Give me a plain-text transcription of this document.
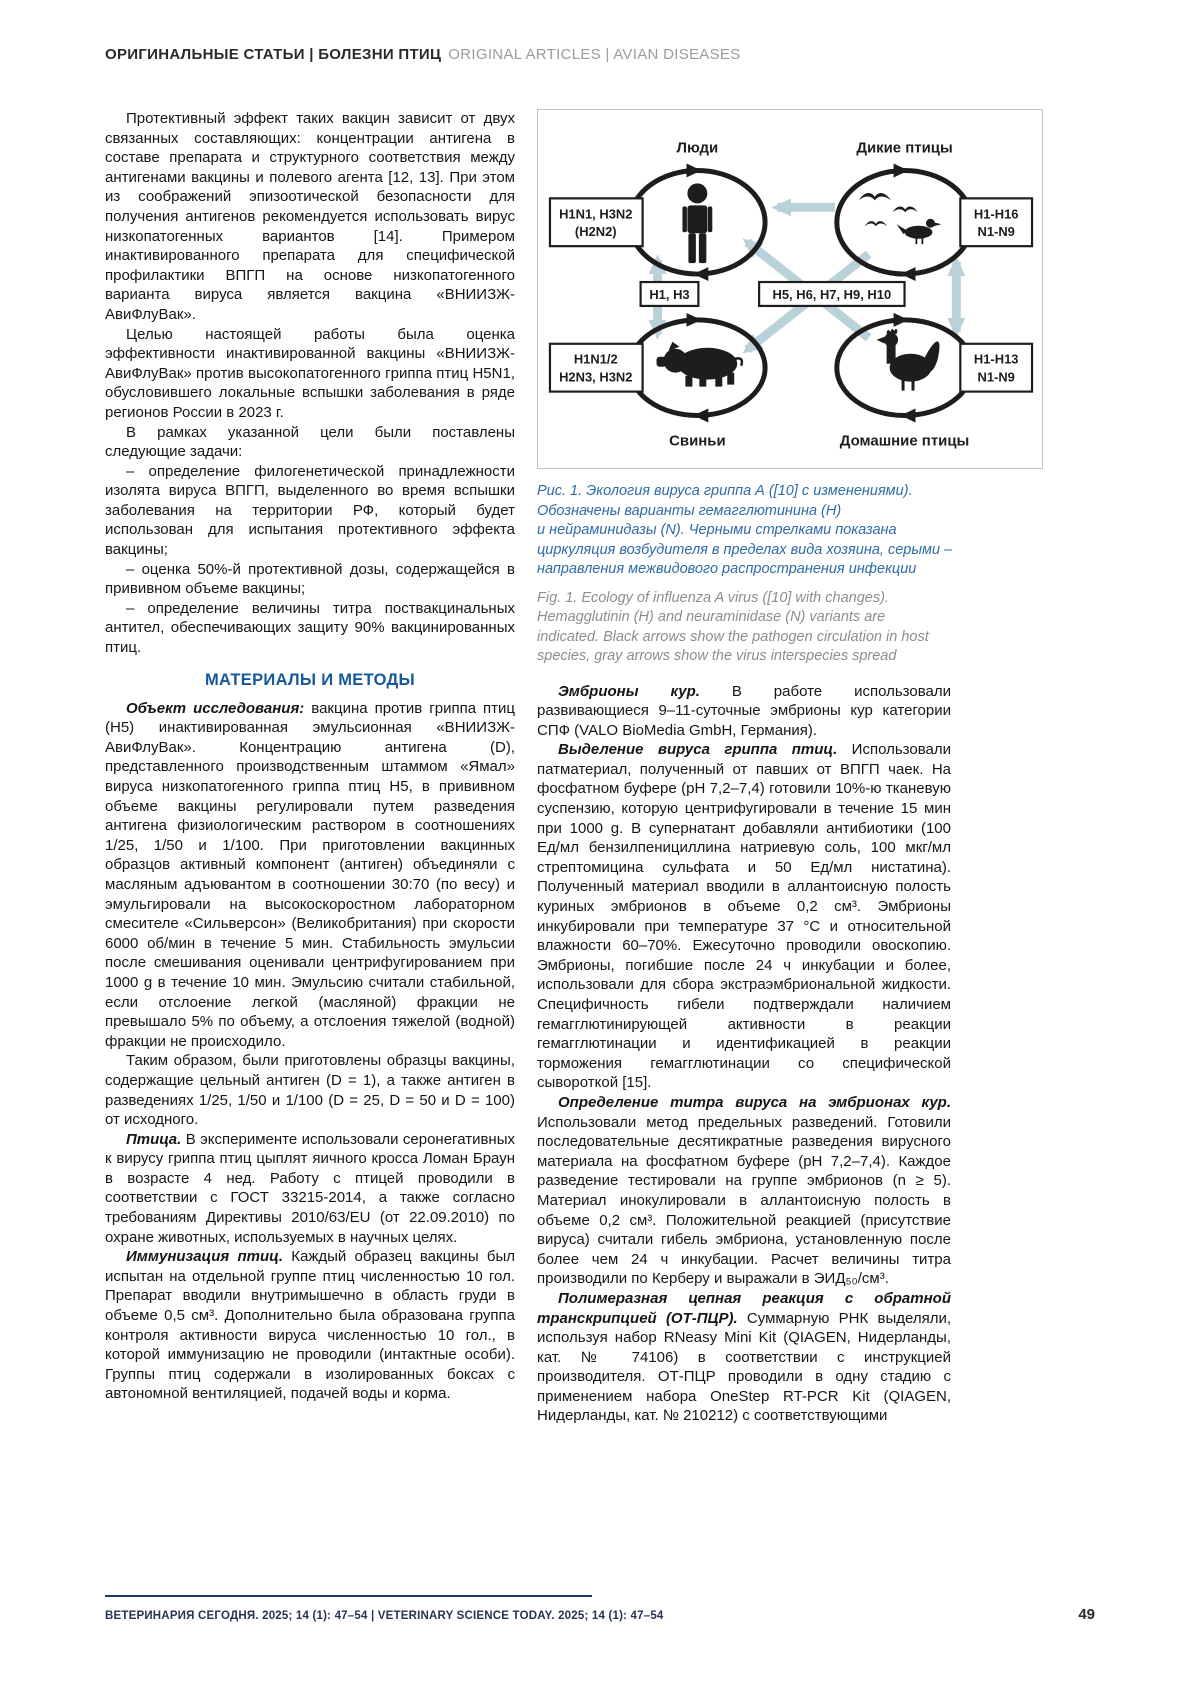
ОРИГИНАЛЬНЫЕ СТАТЬИ | БОЛЕЗНИ ПТИЦ ORIGINAL ARTICLES | AVIAN DISEASES

Протективный эффект таких вакцин зависит от двух связанных составляющих: концентрации антигена в составе препарата и структурного соответствия между антигенами вакцины и полевого агента [12, 13]. При этом из соображений эпизоотической безопасности для получения антигенов рекомендуется использовать вирус низкопатогенных вариантов [14]. Примером инактивированного препарата для специфической профилактики ВПГП на основе низкопатогенного варианта вируса является вакцина «ВНИИЗЖ-АвиФлуВак».

Целью настоящей работы была оценка эффективности инактивированной вакцины «ВНИИЗЖ-АвиФлуВак» против высокопатогенного гриппа птиц H5N1, обусловившего локальные вспышки заболевания в ряде регионов России в 2023 г.

В рамках указанной цели были поставлены следующие задачи:

– определение филогенетической принадлежности изолята вируса ВПГП, выделенного во время вспышки заболевания на территории РФ, который будет использован для испытания протективного эффекта вакцины;

– оценка 50%-й протективной дозы, содержащейся в прививном объеме вакцины;

– определение величины титра поствакцинальных антител, обеспечивающих защиту 90% вакцинированных птиц.

МАТЕРИАЛЫ И МЕТОДЫ

Объект исследования: вакцина против гриппа птиц (H5) инактивированная эмульсионная «ВНИИЗЖ-АвиФлуВак». Концентрацию антигена (D), представленного производственным штаммом «Ямал» вируса низкопатогенного гриппа птиц H5, в прививном объеме вакцины регулировали путем разведения антигена физиологическим раствором в соотношениях 1/25, 1/50 и 1/100. При приготовлении вакцинных образцов активный компонент (антиген) объединяли с масляным адъювантом в соотношении 30:70 (по весу) и эмульгировали на высокоскоростном лабораторном смесителе «Сильверсон» (Великобритания) при скорости 6000 об/мин в течение 5 мин. Стабильность эмульсии после смешивания оценивали центрифугированием при 1000 g в течение 10 мин. Эмульсию считали стабильной, если отслоение легкой (масляной) фракции не превышало 5% по объему, а отслоения тяжелой (водной) фракции не происходило.

Таким образом, были приготовлены образцы вакцины, содержащие цельный антиген (D = 1), а также антиген в разведениях 1/25, 1/50 и 1/100 (D = 25, D = 50 и D = 100) от исходного.

Птица. В эксперименте использовали серонегативных к вирусу гриппа птиц цыплят яичного кросса Ломан Браун в возрасте 4 нед. Работу с птицей проводили в соответствии с ГОСТ 33215-2014, а также согласно требованиям Директивы 2010/63/EU (от 22.09.2010) по охране животных, используемых в научных целях.

Иммунизация птиц. Каждый образец вакцины был испытан на отдельной группе птиц численностью 10 гол. Препарат вводили внутримышечно в область груди в объеме 0,5 см³. Дополнительно была образована группа контроля активности вируса численностью 10 гол., в которой иммунизацию не проводили (интактные особи). Группы птиц содержали в изолированных боксах с автономной вентиляцией, подачей воды и корма.

H1N1, H3N2
(H2N2)
H1-H16
N1-N9
H1N1/2
H2N3, H3N2
H1-H13
N1-N9
H1, H3	H5, H6, H7, H9, H10
Люди	Дикие птицы
Свиньи	Домашние птицы

Рис. 1. Экология вируса гриппа А ([10] с изменениями).
Обозначены варианты гемагглютинина (H)
и нейраминидазы (N). Черными стрелками показана
циркуляция возбудителя в пределах вида хозяина, серыми –
направления межвидового распространения инфекции

Fig. 1. Ecology of influenza A virus ([10] with changes).
Hemagglutinin (H) and neuraminidase (N) variants are
indicated. Black arrows show the pathogen circulation in host
species, gray arrows show the virus interspecies spread

Эмбрионы кур. В работе использовали развивающиеся 9–11-суточные эмбрионы кур категории СПФ (VALO BioMedia GmbH, Германия).

Выделение вируса гриппа птиц. Использовали патматериал, полученный от павших от ВПГП чаек. На фосфатном буфере (pH 7,2–7,4) готовили 10%-ю тканевую суспензию, которую центрифугировали в течение 15 мин при 1000 g. В супернатант добавляли антибиотики (100 Ед/мл бензилпенициллина натриевую соль, 100 мкг/мл стрептомицина сульфата и 50 Ед/мл нистатина). Полученный материал вводили в аллантоисную полость куриных эмбрионов в объеме 0,2 см³. Эмбрионы инкубировали при температуре 37 °C и относительной влажности 60–70%. Ежесуточно проводили овоскопию. Эмбрионы, погибшие после 24 ч инкубации и более, использовали для сбора экстраэмбриональной жидкости. Специфичность гибели подтверждали наличием гемагглютинирующей активности в реакции гемагглютинации и идентификацией в реакции торможения гемагглютинации со специфической сывороткой [15].

Определение титра вируса на эмбрионах кур. Использовали метод предельных разведений. Готовили последовательные десятикратные разведения вирусного материала на фосфатном буфере (pH 7,2–7,4). Каждое разведение тестировали на группе эмбрионов (n ≥ 5). Материал инокулировали в аллантоисную полость в объеме 0,2 см³. Положительной реакцией (присутствие вируса) считали гибель эмбриона, установленную после более чем 24 ч инкубации. Расчет величины титра производили по Керберу и выражали в ЭИД₅₀/см³.

Полимеразная цепная реакция с обратной транскрипцией (ОТ-ПЦР). Суммарную РНК выделяли, используя набор RNeasy Mini Kit (QIAGEN, Нидерланды, кат. № 74106) в соответствии с инструкцией производителя. ОТ-ПЦР проводили в одну стадию с применением набора OneStep RT-PCR Kit (QIAGEN, Нидерланды, кат. № 210212) с соответствующими

ВЕТЕРИНАРИЯ СЕГОДНЯ. 2025; 14 (1): 47–54 | VETERINARY SCIENCE TODAY. 2025; 14 (1): 47–54	49
